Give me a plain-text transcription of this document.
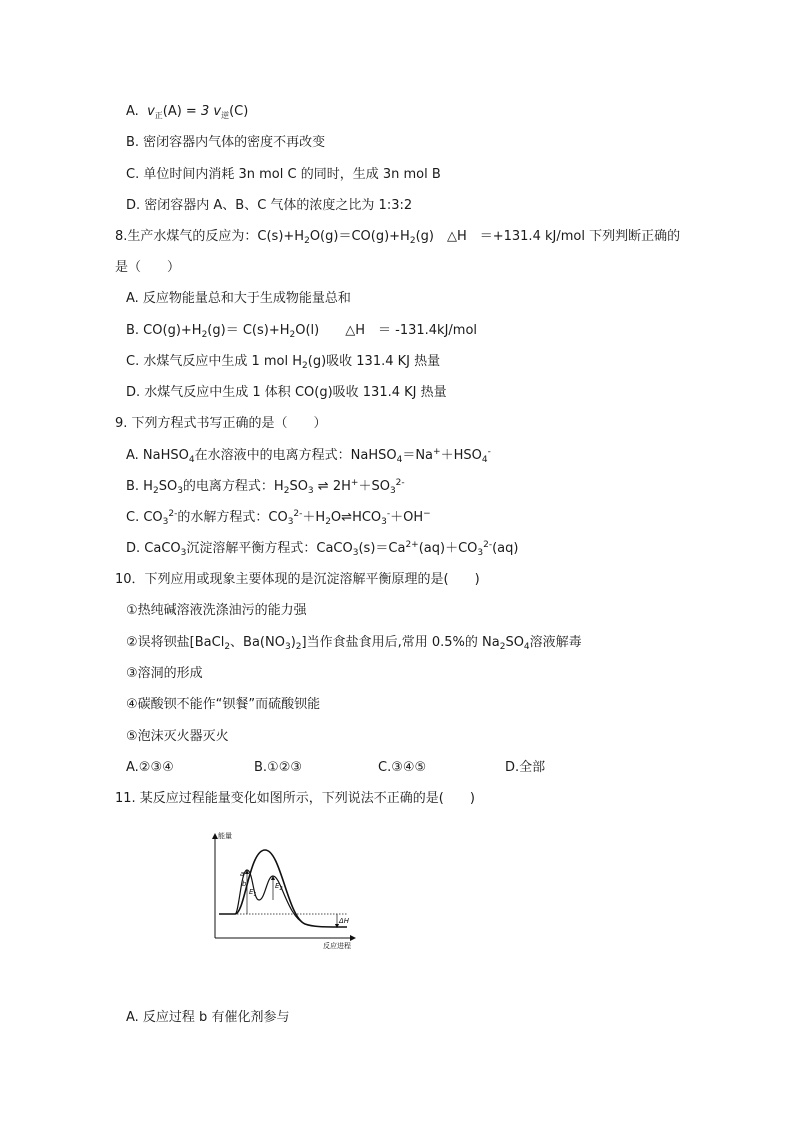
A. $v_正(A) = 3$ $v_逆(C)$
B. 密闭容器内气体的密度不再改变
C. 单位时间内消耗 3n mol C 的同时，生成 3n mol B
D. 密闭容器内 A、B、C 气体的浓度之比为 1:3:2
8.生产水煤气的反应为：$C(s)+H_2O(g)=CO(g)+H_2(g)$　△H　＝+131.4 kJ/mol 下列判断正确的
是（　　）
A. 反应物能量总和大于生成物能量总和
B. $CO(g)+H_2(g)= C(s)+H_2O(l)$　　△H　＝ -131.4kJ/mol
C. 水煤气反应中生成 1 mol $H_2(g)$吸收 131.4 KJ 热量
D. 水煤气反应中生成 1 体积 CO(g)吸收 131.4 KJ 热量
9. 下列方程式书写正确的是（　　）
A. NaHSO$_4$在水溶液中的电离方程式：$NaHSO_4=Na^++HSO_4^-$
B. $H_2SO_3$的电离方程式：$H_2SO_3$ ⇌ $2H^++SO_3^{2-}$
C. $CO_3^{2-}$的水解方程式：$CO_3^{2-}+H_2O\rightleftharpoons HCO_3^-+OH^-$
D. CaCO$_3$沉淀溶解平衡方程式：$CaCO_3(s)=Ca^{2+}(aq)+CO_3^{2-}(aq)$
10．下列应用或现象主要体现的是沉淀溶解平衡原理的是(　　)
①热纯碱溶液洗涤油污的能力强
②误将钡盐[BaCl$_2$、$Ba(NO_3)_2$]当作食盐食用后,常用 0.5%的 $Na_2SO_4$溶液解毒
③溶洞的形成
④碳酸钡不能作“钡餐”而硫酸钡能
⑤泡沫灭火器灭火
A.②③④	B.①②③	C.③④⑤	D.全部
11. 某反应过程能量变化如图所示，下列说法不正确的是(　　)
能量
反应进程
a
b
$E_1$
$E_2$
ΔH
A. 反应过程 b 有催化剂参与
